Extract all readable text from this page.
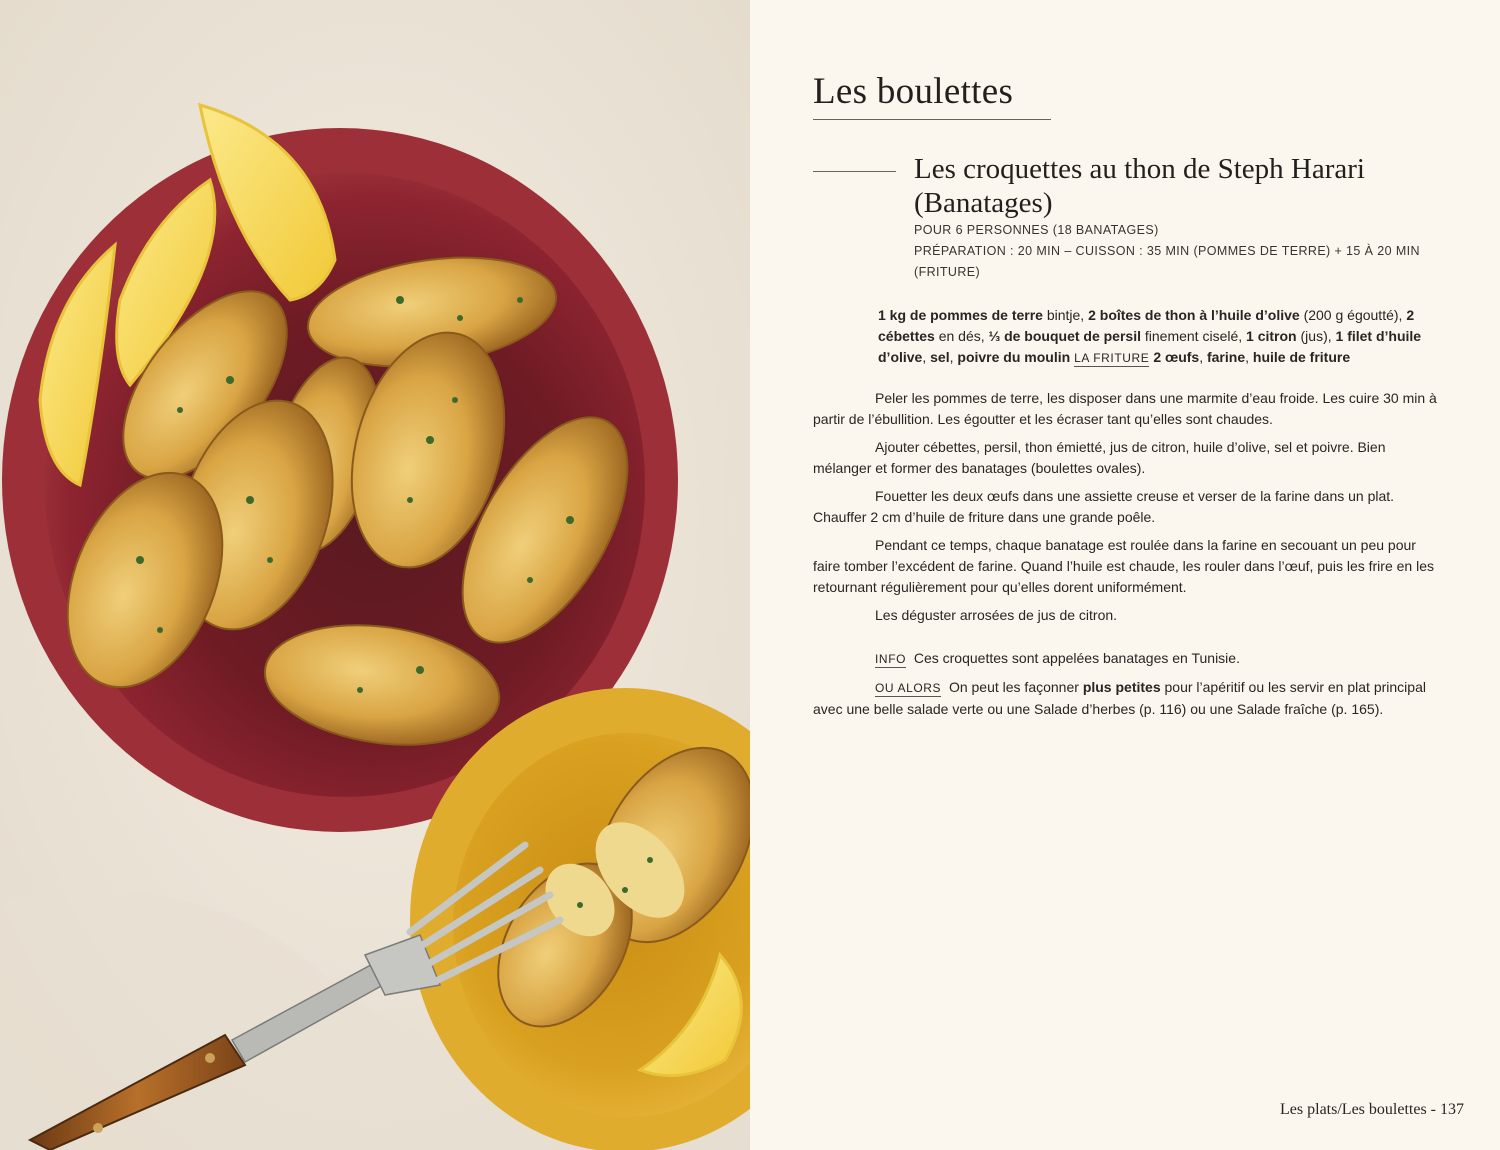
Les boulettes
Les croquettes au thon de Steph Harari (Banatages)
POUR 6 PERSONNES (18 BANATAGES)
PRÉPARATION : 20 MIN – CUISSON : 35 MIN (POMMES DE TERRE) + 15 À 20 MIN (FRITURE)
1 kg de pommes de terre bintje, 2 boîtes de thon à l’huile d’olive (200 g égoutté), 2 cébettes en dés, ⅓ de bouquet de persil finement ciselé, 1 citron (jus), 1 filet d’huile d’olive, sel, poivre du moulin LA FRITURE 2 œufs, farine, huile de friture

Peler les pommes de terre, les disposer dans une marmite d’eau froide. Les cuire 30 min à partir de l’ébullition. Les égoutter et les écraser tant qu’elles sont chaudes.

Ajouter cébettes, persil, thon émietté, jus de citron, huile d’olive, sel et poivre. Bien mélanger et former des banatages (boulettes ovales).

Fouetter les deux œufs dans une assiette creuse et verser de la farine dans un plat. Chauffer 2 cm d’huile de friture dans une grande poêle.

Pendant ce temps, chaque banatage est roulée dans la farine en secouant un peu pour faire tomber l’excédent de farine. Quand l’huile est chaude, les rouler dans l’œuf, puis les frire en les retournant régulièrement pour qu’elles dorent uniformément.

Les déguster arrosées de jus de citron.

INFO Ces croquettes sont appelées banatages en Tunisie.

OU ALORS On peut les façonner plus petites pour l’apéritif ou les servir en plat principal avec une belle salade verte ou une Salade d’herbes (p. 116) ou une Salade fraîche (p. 165).

Les plats/Les boulettes - 137
